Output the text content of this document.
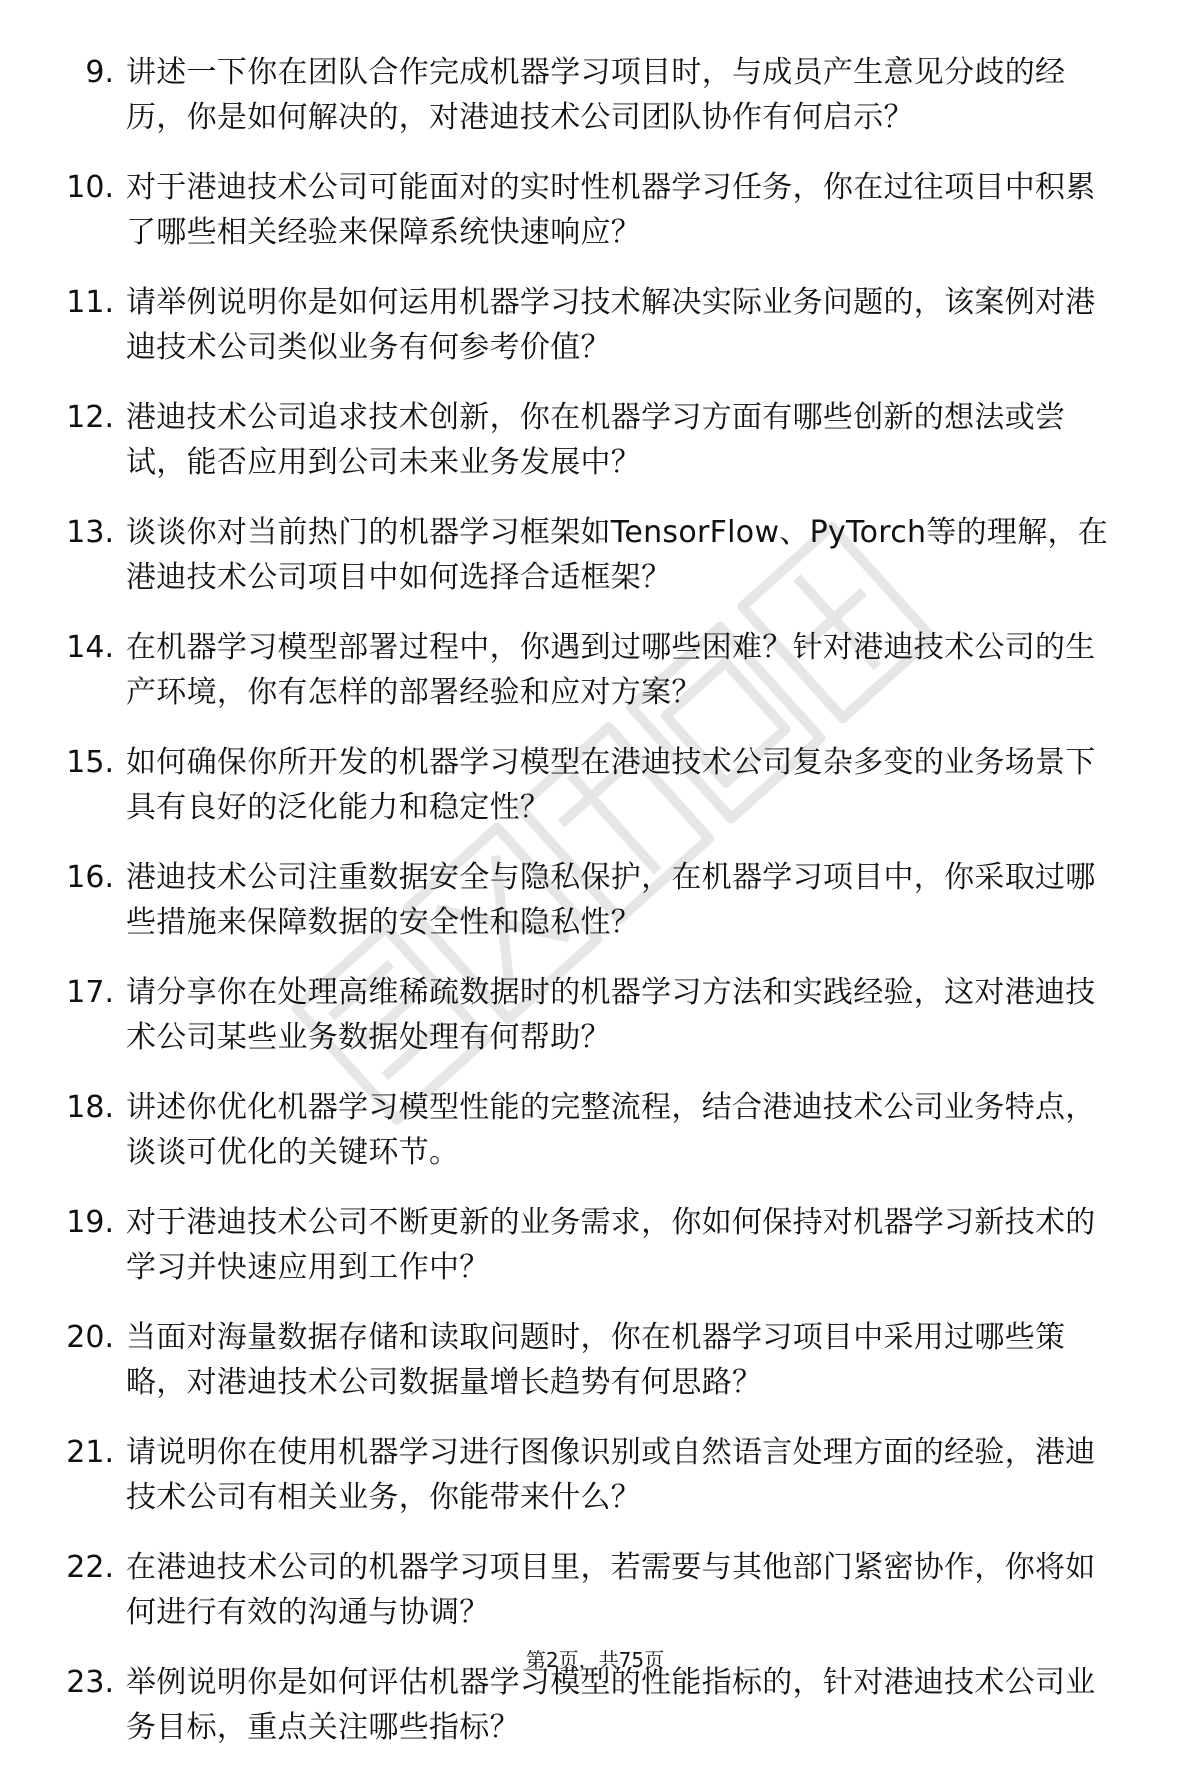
9. 讲述一下你在团队合作完成机器学习项目时，与成员产生意见分歧的经历，你是如何解决的，对港迪技术公司团队协作有何启示？
10. 对于港迪技术公司可能面对的实时性机器学习任务，你在过往项目中积累了哪些相关经验来保障系统快速响应？
11. 请举例说明你是如何运用机器学习技术解决实际业务问题的，该案例对港迪技术公司类似业务有何参考价值？
12. 港迪技术公司追求技术创新，你在机器学习方面有哪些创新的想法或尝试，能否应用到公司未来业务发展中？
13. 谈谈你对当前热门的机器学习框架如TensorFlow、PyTorch等的理解，在港迪技术公司项目中如何选择合适框架？
14. 在机器学习模型部署过程中，你遇到过哪些困难？针对港迪技术公司的生产环境，你有怎样的部署经验和应对方案？
15. 如何确保你所开发的机器学习模型在港迪技术公司复杂多变的业务场景下具有良好的泛化能力和稳定性？
16. 港迪技术公司注重数据安全与隐私保护，在机器学习项目中，你采取过哪些措施来保障数据的安全性和隐私性？
17. 请分享你在处理高维稀疏数据时的机器学习方法和实践经验，这对港迪技术公司某些业务数据处理有何帮助？
18. 讲述你优化机器学习模型性能的完整流程，结合港迪技术公司业务特点，谈谈可优化的关键环节。
19. 对于港迪技术公司不断更新的业务需求，你如何保持对机器学习新技术的学习并快速应用到工作中？
20. 当面对海量数据存储和读取问题时，你在机器学习项目中采用过哪些策略，对港迪技术公司数据量增长趋势有何思路？
21. 请说明你在使用机器学习进行图像识别或自然语言处理方面的经验，港迪技术公司有相关业务，你能带来什么？
22. 在港迪技术公司的机器学习项目里，若需要与其他部门紧密协作，你将如何进行有效的沟通与协调？
23. 举例说明你是如何评估机器学习模型的性能指标的，针对港迪技术公司业务目标，重点关注哪些指标？
第2页，共75页
